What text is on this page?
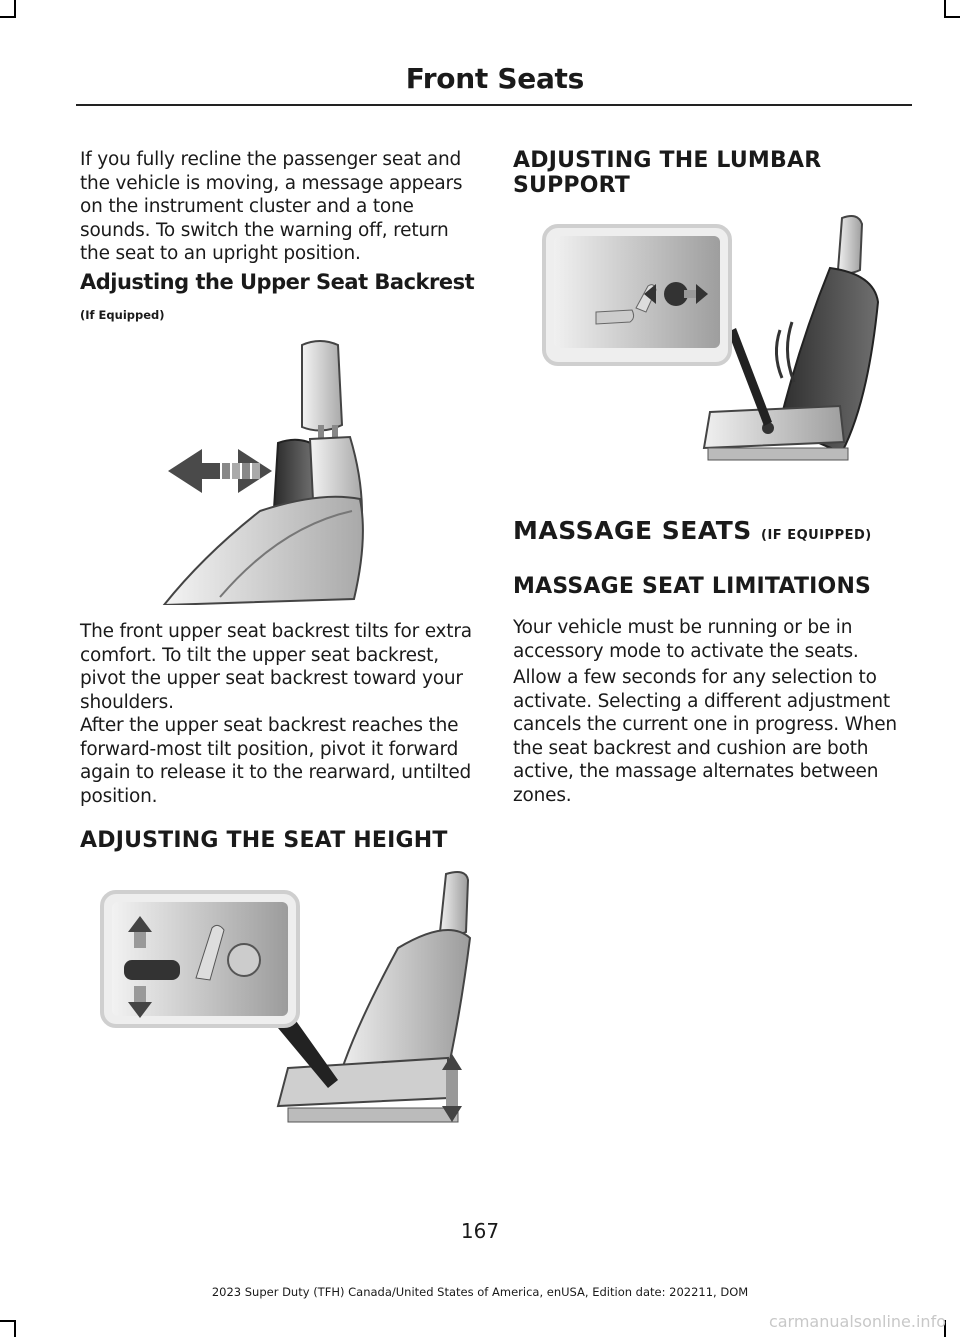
Front Seats

If you fully recline the passenger seat and the vehicle is moving, a message appears on the instrument cluster and a tone sounds. To switch the warning off, return the seat to an upright position.

Adjusting the Upper Seat Backrest
(If Equipped)

The front upper seat backrest tilts for extra comfort. To tilt the upper seat backrest, pivot the upper seat backrest toward your shoulders.

After the upper seat backrest reaches the forward-most tilt position, pivot it forward again to release it to the rearward, untilted position.

ADJUSTING THE SEAT HEIGHT
ADJUSTING THE LUMBAR
SUPPORT
MASSAGE SEATS (IF EQUIPPED)
MASSAGE SEAT LIMITATIONS

Your vehicle must be running or be in accessory mode to activate the seats.

Allow a few seconds for any selection to activate. Selecting a different adjustment cancels the current one in progress. When the seat backrest and cushion are both active, the massage alternates between zones.

167
2023 Super Duty (TFH) Canada/United States of America, enUSA, Edition date: 202211, DOM
carmanualsonline.info
